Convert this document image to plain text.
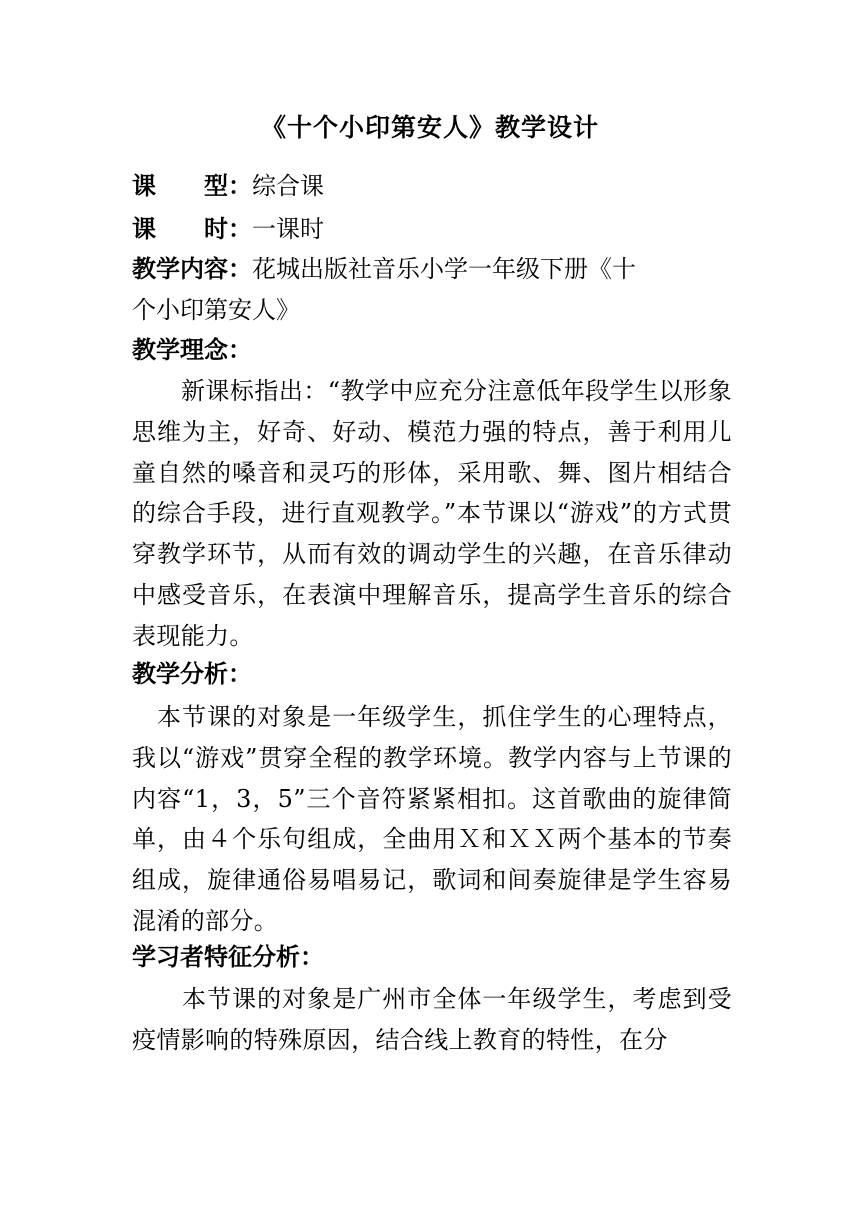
《十个小印第安人》教学设计
课　　型：综合课
课　　时：一课时
教学内容：花城出版社音乐小学一年级下册《十
个小印第安人》
教学理念：

　　新课标指出：“教学中应充分注意低年段学生以形象思维为主，好奇、好动、模范力强的特点，善于利用儿童自然的嗓音和灵巧的形体，采用歌、舞、图片相结合的综合手段，进行直观教学。”本节课以“游戏”的方式贯穿教学环节，从而有效的调动学生的兴趣，在音乐律动中感受音乐，在表演中理解音乐，提高学生音乐的综合表现能力。

教学分析：

　本节课的对象是一年级学生，抓住学生的心理特点，我以“游戏”贯穿全程的教学环境。教学内容与上节课的内容“1，3，5”三个音符紧紧相扣。这首歌曲的旋律简单，由４个乐句组成，全曲用Ｘ和ＸＸ两个基本的节奏组成，旋律通俗易唱易记，歌词和间奏旋律是学生容易混淆的部分。

学习者特征分析：

　　本节课的对象是广州市全体一年级学生，考虑到受疫情影响的特殊原因，结合线上教育的特性，在分
